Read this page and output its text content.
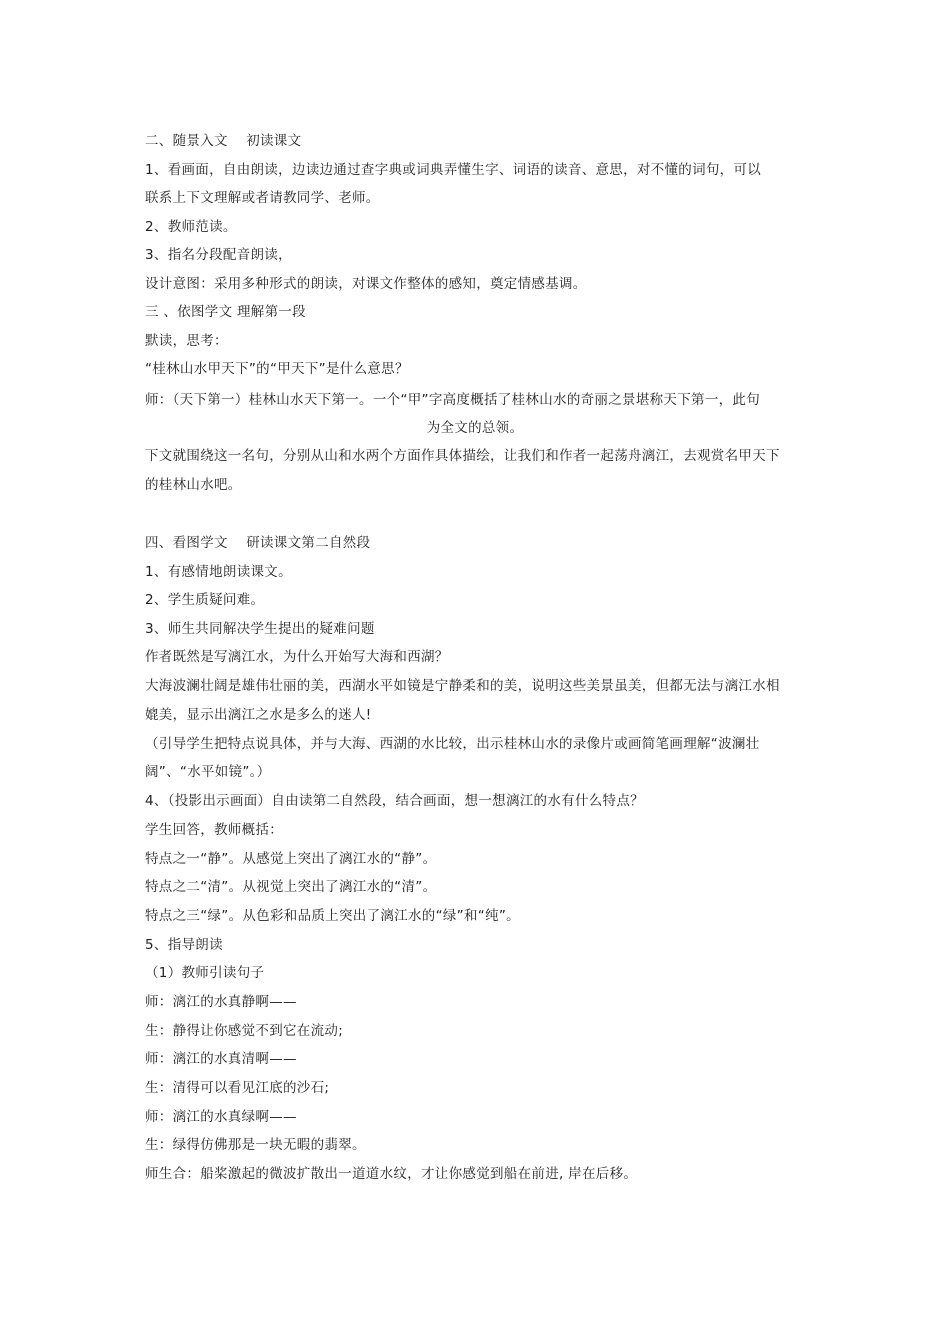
二、随景入文　 初读课文
1、看画面，自由朗读，边读边通过查字典或词典弄懂生字、词语的读音、意思，对不懂的词句，可以
联系上下文理解或者请教同学、老师。
2、教师范读。
3、指名分段配音朗读，
设计意图：采用多种形式的朗读，对课文作整体的感知，奠定情感基调。
三 、依图学文 理解第一段
默读，思考：
“桂林山水甲天下”的“甲天下”是什么意思？
师：（天下第一）桂林山水天下第一。一个“甲”字高度概括了桂林山水的奇丽之景堪称天下第一，此句
为全文的总领。
下文就围绕这一名句，分别从山和水两个方面作具体描绘，让我们和作者一起荡舟漓江，去观赏名甲天下
的桂林山水吧。
四、看图学文　 研读课文第二自然段
1、有感情地朗读课文。
2、学生质疑问难。
3、师生共同解决学生提出的疑难问题
作者既然是写漓江水，为什么开始写大海和西湖？
大海波澜壮阔是雄伟壮丽的美，西湖水平如镜是宁静柔和的美，说明这些美景虽美，但都无法与漓江水相
媲美，显示出漓江之水是多么的迷人!
（引导学生把特点说具体，并与大海、西湖的水比较，出示桂林山水的录像片或画简笔画理解“波澜壮
阔”、“水平如镜”。）
4、（投影出示画面）自由读第二自然段，结合画面，想一想漓江的水有什么特点？
学生回答，教师概括：
特点之一“静”。从感觉上突出了漓江水的“静”。
特点之二“清”。从视觉上突出了漓江水的“清”。
特点之三“绿”。从色彩和品质上突出了漓江水的“绿”和“纯”。
5、指导朗读
（1）教师引读句子
师：漓江的水真静啊——
生：静得让你感觉不到它在流动;
师：漓江的水真清啊——
生：清得可以看见江底的沙石;
师：漓江的水真绿啊——
生：绿得仿佛那是一块无暇的翡翠。
师生合：船桨激起的微波扩散出一道道水纹，才让你感觉到船在前进, 岸在后移。
